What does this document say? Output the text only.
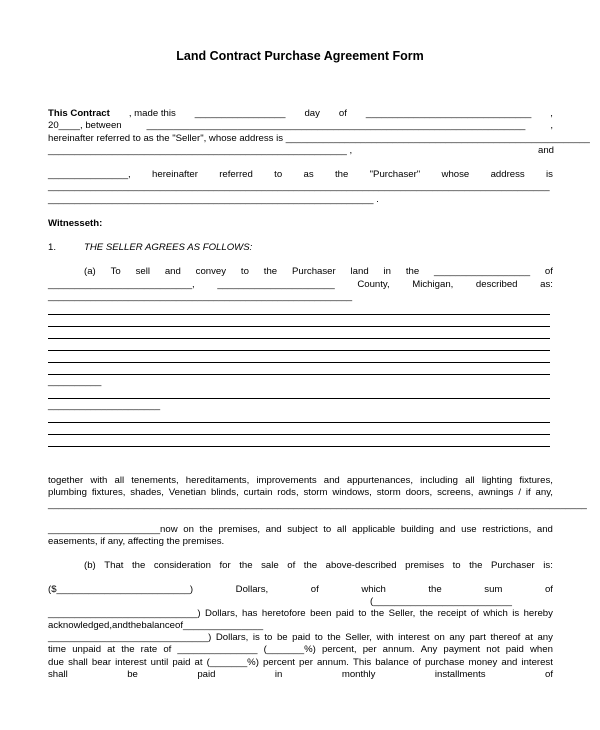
Land Contract Purchase Agreement Form
This Contract , made this _________________ day of _______________________________ ,
20____, between	_______________________________________________________________________	,
hereinafter referred to as the "Seller", whose address is _________________________________________________________
________________________________________________________ ,	and
_______________, hereinafter referred to as the "Purchaser" whose address is
______________________________________________________________________________________________
_____________________________________________________________ .
Witnesseth:
1.	THE SELLER AGREES AS FOLLOWS:
(a) To sell and convey to the Purchaser land in the __________________ of
___________________________, ______________________ County, Michigan, described as:
_________________________________________________________
__________
_____________________
together with all tenements, hereditaments, improvements and appurtenances, including all lighting fixtures,
plumbing fixtures, shades, Venetian blinds, curtain rods, storm windows, storm doors, screens, awnings / if any,
_____________________________________________________________________________________________________
_____________________now on the premises, and subject to all applicable building and use restrictions, and
easements, if any, affecting the premises.
(b) That the consideration for the sale of the above-described premises to the Purchaser is:
($_________________________)	Dollars,	of	which	the	sum	of
(__________________________
____________________________) Dollars, has heretofore been paid to the Seller, the receipt of which is hereby
acknowledged, and the balance of _______________
______________________________) Dollars, is to be paid to the Seller, with interest on any part thereof at any
time unpaid at the rate of _______________ (_______%) percent, per annum. Any payment not paid when
due shall bear interest until paid at (_______%) percent per annum. This balance of purchase money and interest
shall	be	paid	in	monthly	installments	of
